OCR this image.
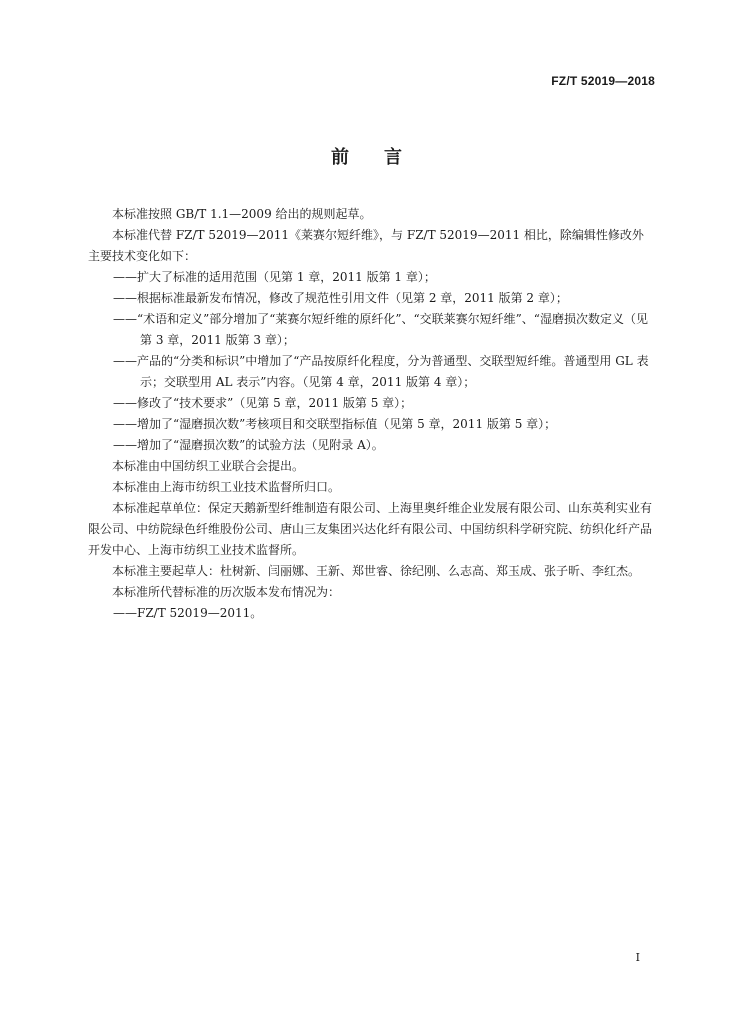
FZ/T 52019—2018
前 言

本标准按照 GB/T 1.1—2009 给出的规则起草。

本标准代替 FZ/T 52019—2011《莱赛尔短纤维》，与 FZ/T 52019—2011 相比，除编辑性修改外主要技术变化如下：

——扩大了标准的适用范围（见第 1 章，2011 版第 1 章）；

——根据标准最新发布情况，修改了规范性引用文件（见第 2 章，2011 版第 2 章）；

——“术语和定义”部分增加了“莱赛尔短纤维的原纤化”、“交联莱赛尔短纤维”、“湿磨损次数定义（见第 3 章，2011 版第 3 章）；

——产品的“分类和标识”中增加了“产品按原纤化程度，分为普通型、交联型短纤维。普通型用 GL 表示；交联型用 AL 表示”内容。（见第 4 章，2011 版第 4 章）；

——修改了“技术要求”（见第 5 章，2011 版第 5 章）；

——增加了“湿磨损次数”考核项目和交联型指标值（见第 5 章，2011 版第 5 章）；

——增加了“湿磨损次数”的试验方法（见附录 A）。

本标准由中国纺织工业联合会提出。

本标准由上海市纺织工业技术监督所归口。

本标准起草单位：保定天鹅新型纤维制造有限公司、上海里奥纤维企业发展有限公司、山东英利实业有限公司、中纺院绿色纤维股份公司、唐山三友集团兴达化纤有限公司、中国纺织科学研究院、纺织化纤产品开发中心、上海市纺织工业技术监督所。

本标准主要起草人：杜树新、闫丽娜、王新、郑世睿、徐纪刚、么志高、郑玉成、张子昕、李红杰。

本标准所代替标准的历次版本发布情况为：

——FZ/T 52019—2011。

I
